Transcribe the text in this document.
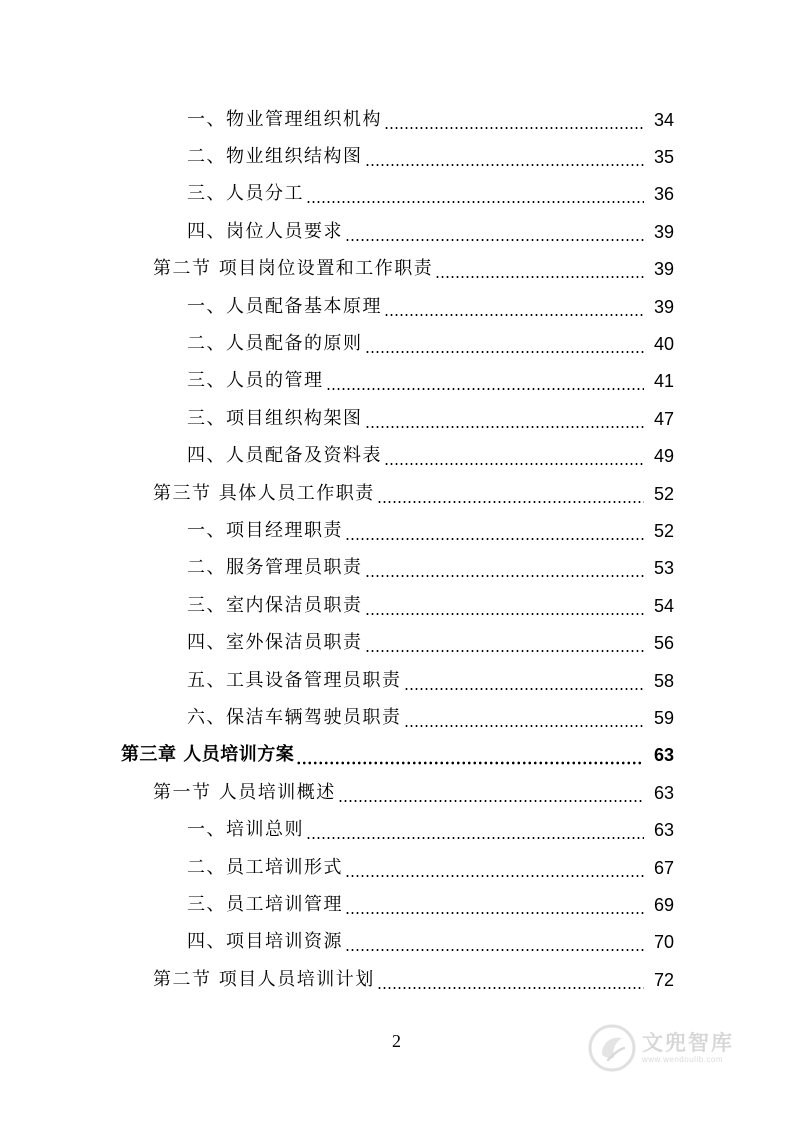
一、物业管理组织机构	34
二、物业组织结构图	35
三、人员分工	36
四、岗位人员要求	39
第二节 项目岗位设置和工作职责	39
一、人员配备基本原理	39
二、人员配备的原则	40
三、人员的管理	41
三、项目组织构架图	47
四、人员配备及资料表	49
第三节 具体人员工作职责	52
一、项目经理职责	52
二、服务管理员职责	53
三、室内保洁员职责	54
四、室外保洁员职责	56
五、工具设备管理员职责	58
六、保洁车辆驾驶员职责	59
第三章 人员培训方案	63
第一节 人员培训概述	63
一、培训总则	63
二、员工培训形式	67
三、员工培训管理	69
四、项目培训资源	70
第二节 项目人员培训计划	72
2	文兜智库
www.wendoulib.com
